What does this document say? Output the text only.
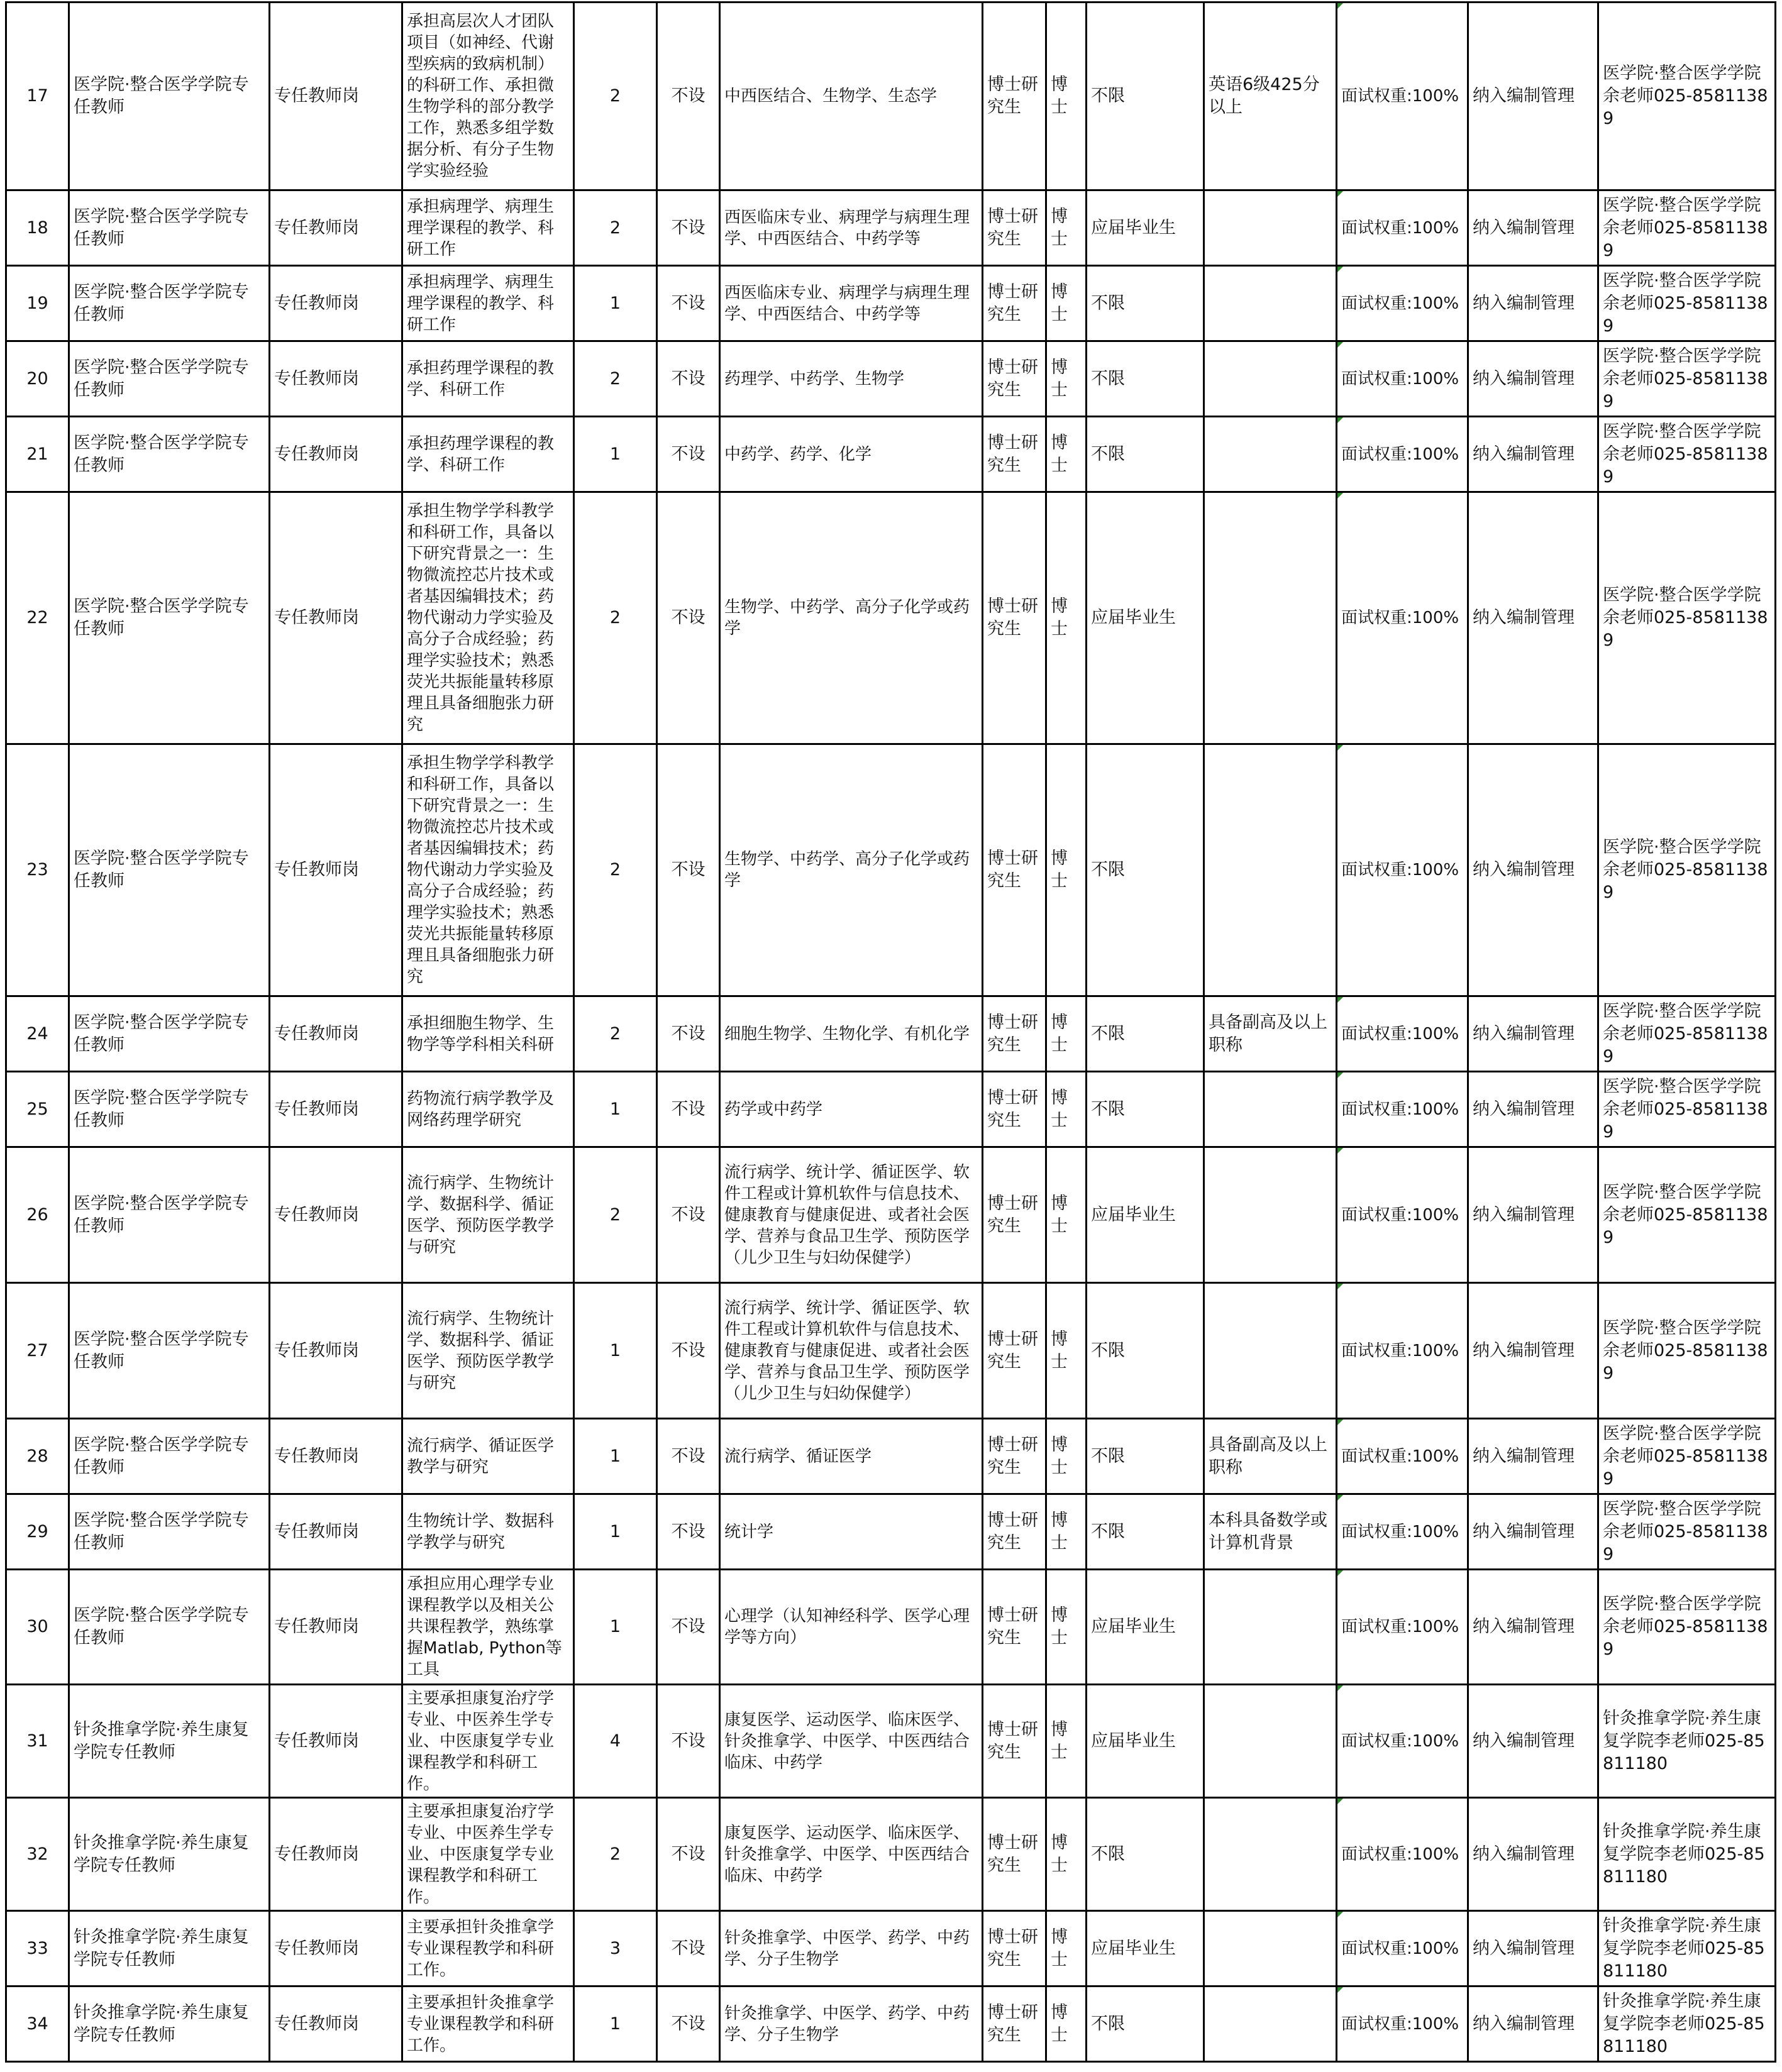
17	医学院·整合医学学院专任教师	专任教师岗	承担高层次人才团队项目（如神经、代谢型疾病的致病机制）的科研工作、承担微生物学科的部分教学工作，熟悉多组学数据分析、有分子生物学实验经验	2	不设	中西医结合、生物学、生态学	博士研究生	博士	不限	英语6级425分以上	面试权重:100%	纳入编制管理	医学院·整合医学学院余老师025-85811389
18	医学院·整合医学学院专任教师	专任教师岗	承担病理学、病理生理学课程的教学、科研工作	2	不设	西医临床专业、病理学与病理生理学、中西医结合、中药学等	博士研究生	博士	应届毕业生		面试权重:100%	纳入编制管理	医学院·整合医学学院余老师025-85811389
19	医学院·整合医学学院专任教师	专任教师岗	承担病理学、病理生理学课程的教学、科研工作	1	不设	西医临床专业、病理学与病理生理学、中西医结合、中药学等	博士研究生	博士	不限		面试权重:100%	纳入编制管理	医学院·整合医学学院余老师025-85811389
20	医学院·整合医学学院专任教师	专任教师岗	承担药理学课程的教学、科研工作	2	不设	药理学、中药学、生物学	博士研究生	博士	不限		面试权重:100%	纳入编制管理	医学院·整合医学学院余老师025-85811389
21	医学院·整合医学学院专任教师	专任教师岗	承担药理学课程的教学、科研工作	1	不设	中药学、药学、化学	博士研究生	博士	不限		面试权重:100%	纳入编制管理	医学院·整合医学学院余老师025-85811389
22	医学院·整合医学学院专任教师	专任教师岗	承担生物学学科教学和科研工作，具备以下研究背景之一：生物微流控芯片技术或者基因编辑技术；药物代谢动力学实验及高分子合成经验；药理学实验技术；熟悉荧光共振能量转移原理且具备细胞张力研究	2	不设	生物学、中药学、高分子化学或药学	博士研究生	博士	应届毕业生		面试权重:100%	纳入编制管理	医学院·整合医学学院余老师025-85811389
23	医学院·整合医学学院专任教师	专任教师岗	承担生物学学科教学和科研工作，具备以下研究背景之一：生物微流控芯片技术或者基因编辑技术；药物代谢动力学实验及高分子合成经验；药理学实验技术；熟悉荧光共振能量转移原理且具备细胞张力研究	2	不设	生物学、中药学、高分子化学或药学	博士研究生	博士	不限		面试权重:100%	纳入编制管理	医学院·整合医学学院余老师025-85811389
24	医学院·整合医学学院专任教师	专任教师岗	承担细胞生物学、生物学等学科相关科研	2	不设	细胞生物学、生物化学、有机化学	博士研究生	博士	不限	具备副高及以上职称	面试权重:100%	纳入编制管理	医学院·整合医学学院余老师025-85811389
25	医学院·整合医学学院专任教师	专任教师岗	药物流行病学教学及网络药理学研究	1	不设	药学或中药学	博士研究生	博士	不限		面试权重:100%	纳入编制管理	医学院·整合医学学院余老师025-85811389
26	医学院·整合医学学院专任教师	专任教师岗	流行病学、生物统计学、数据科学、循证医学、预防医学教学与研究	2	不设	流行病学、统计学、循证医学、软件工程或计算机软件与信息技术、健康教育与健康促进、或者社会医学、营养与食品卫生学、预防医学（儿少卫生与妇幼保健学）	博士研究生	博士	应届毕业生		面试权重:100%	纳入编制管理	医学院·整合医学学院余老师025-85811389
27	医学院·整合医学学院专任教师	专任教师岗	流行病学、生物统计学、数据科学、循证医学、预防医学教学与研究	1	不设	流行病学、统计学、循证医学、软件工程或计算机软件与信息技术、健康教育与健康促进、或者社会医学、营养与食品卫生学、预防医学（儿少卫生与妇幼保健学）	博士研究生	博士	不限		面试权重:100%	纳入编制管理	医学院·整合医学学院余老师025-85811389
28	医学院·整合医学学院专任教师	专任教师岗	流行病学、循证医学教学与研究	1	不设	流行病学、循证医学	博士研究生	博士	不限	具备副高及以上职称	面试权重:100%	纳入编制管理	医学院·整合医学学院余老师025-85811389
29	医学院·整合医学学院专任教师	专任教师岗	生物统计学、数据科学教学与研究	1	不设	统计学	博士研究生	博士	不限	本科具备数学或计算机背景	面试权重:100%	纳入编制管理	医学院·整合医学学院余老师025-85811389
30	医学院·整合医学学院专任教师	专任教师岗	承担应用心理学专业课程教学以及相关公共课程教学，熟练掌握Matlab, Python等工具	1	不设	心理学（认知神经科学、医学心理学等方向）	博士研究生	博士	应届毕业生		面试权重:100%	纳入编制管理	医学院·整合医学学院余老师025-85811389
31	针灸推拿学院·养生康复学院专任教师	专任教师岗	主要承担康复治疗学专业、中医养生学专业、中医康复学专业课程教学和科研工作。	4	不设	康复医学、运动医学、临床医学、针灸推拿学、中医学、中医西结合临床、中药学	博士研究生	博士	应届毕业生		面试权重:100%	纳入编制管理	针灸推拿学院·养生康复学院李老师025-85811180
32	针灸推拿学院·养生康复学院专任教师	专任教师岗	主要承担康复治疗学专业、中医养生学专业、中医康复学专业课程教学和科研工作。	2	不设	康复医学、运动医学、临床医学、针灸推拿学、中医学、中医西结合临床、中药学	博士研究生	博士	不限		面试权重:100%	纳入编制管理	针灸推拿学院·养生康复学院李老师025-85811180
33	针灸推拿学院·养生康复学院专任教师	专任教师岗	主要承担针灸推拿学专业课程教学和科研工作。	3	不设	针灸推拿学、中医学、药学、中药学、分子生物学	博士研究生	博士	应届毕业生		面试权重:100%	纳入编制管理	针灸推拿学院·养生康复学院李老师025-85811180
34	针灸推拿学院·养生康复学院专任教师	专任教师岗	主要承担针灸推拿学专业课程教学和科研工作。	1	不设	针灸推拿学、中医学、药学、中药学、分子生物学	博士研究生	博士	不限		面试权重:100%	纳入编制管理	针灸推拿学院·养生康复学院李老师025-85811180
